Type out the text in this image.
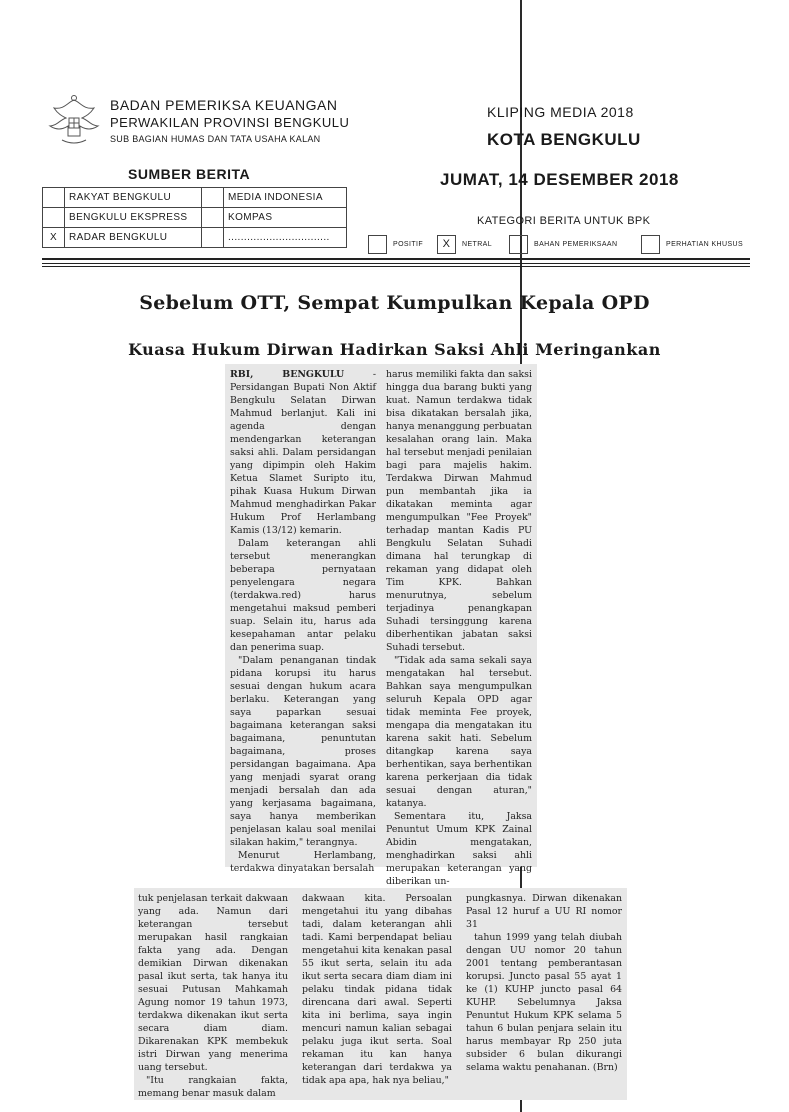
BADAN PEMERIKSA KEUANGAN
PERWAKILAN PROVINSI BENGKULU
SUB BAGIAN HUMAS DAN TATA USAHA KALAN
KLIPING MEDIA 2018
KOTA BENGKULU
JUMAT, 14 DESEMBER 2018
SUMBER BERITA
	RAKYAT BENGKULU		MEDIA INDONESIA
	BENGKULU EKSPRESS		KOMPAS
X	RADAR BENGKULU		................................
KATEGORI BERITA UNTUK BPK
POSITIF	X	NETRAL	BAHAN PEMERIKSAAN	PERHATIAN KHUSUS
Sebelum OTT, Sempat Kumpulkan Kepala OPD
Kuasa Hukum Dirwan Hadirkan Saksi Ahli Meringankan

RBI, BENGKULU - Persidangan Bupati Non Aktif Bengkulu Selatan Dirwan Mahmud berlanjut. Kali ini agenda dengan mendengarkan keterangan saksi ahli. Dalam persidangan yang dipimpin oleh Hakim Ketua Slamet Suripto itu, pihak Kuasa Hukum Dirwan Mahmud menghadirkan Pakar Hukum Prof Herlambang Kamis (13/12) kemarin.

Dalam keterangan ahli tersebut menerangkan beberapa pernyataan penyelengara negara (terdakwa.red) harus mengetahui maksud pemberi suap. Selain itu, harus ada kesepahaman antar pelaku dan penerima suap.

"Dalam penanganan tindak pidana korupsi itu harus sesuai dengan hukum acara berlaku. Keterangan yang saya paparkan sesuai bagaimana keterangan saksi bagaimana, penuntutan bagaimana, proses persidangan bagaimana. Apa yang menjadi syarat orang menjadi bersalah dan ada yang kerjasama bagaimana, saya hanya memberikan penjelasan kalau soal menilai silakan hakim," terangnya.

Menurut Herlambang, terdakwa dinyatakan bersalah

harus memiliki fakta dan saksi hingga dua barang bukti yang kuat. Namun terdakwa tidak bisa dikatakan bersalah jika, hanya menanggung perbuatan kesalahan orang lain. Maka hal tersebut menjadi penilaian bagi para majelis hakim. Terdakwa Dirwan Mahmud pun membantah jika ia dikatakan meminta agar mengumpulkan "Fee Proyek" terhadap mantan Kadis PU Bengkulu Selatan Suhadi dimana hal terungkap di rekaman yang didapat oleh Tim KPK. Bahkan menurutnya, sebelum terjadinya penangkapan Suhadi tersinggung karena diberhentikan jabatan saksi Suhadi tersebut.

"Tidak ada sama sekali saya mengatakan hal tersebut. Bahkan saya mengumpulkan seluruh Kepala OPD agar tidak meminta Fee proyek, mengapa dia mengatakan itu karena sakit hati. Sebelum ditangkap karena saya berhentikan, saya berhentikan karena perkerjaan dia tidak sesuai dengan aturan," katanya.

Sementara itu, Jaksa Penuntut Umum KPK Zainal Abidin mengatakan, menghadirkan saksi ahli merupakan keterangan yang diberikan un-

tuk penjelasan terkait dakwaan yang ada. Namun dari keterangan tersebut merupakan hasil rangkaian fakta yang ada. Dengan demikian Dirwan dikenakan pasal ikut serta, tak hanya itu sesuai Putusan Mahkamah Agung nomor 19 tahun 1973, terdakwa dikenakan ikut serta secara diam diam. Dikarenakan KPK membekuk istri Dirwan yang menerima uang tersebut.

"Itu rangkaian fakta, memang benar masuk dalam

dakwaan kita. Persoalan mengetahui itu yang dibahas tadi, dalam keterangan ahli tadi. Kami berpendapat beliau mengetahui kita kenakan pasal 55 ikut serta, selain itu ada ikut serta secara diam diam ini pelaku tindak pidana tidak direncana dari awal. Seperti kita ini berlima, saya ingin mencuri namun kalian sebagai pelaku juga ikut serta. Soal rekaman itu kan hanya keterangan dari terdakwa ya tidak apa apa, hak nya beliau,"

pungkasnya. Dirwan dikenakan Pasal 12 huruf a UU RI nomor 31

tahun 1999 yang telah diubah dengan UU nomor 20 tahun 2001 tentang pemberantasan korupsi. Juncto pasal 55 ayat 1 ke (1) KUHP juncto pasal 64 KUHP. Sebelumnya Jaksa Penuntut Hukum KPK selama 5 tahun 6 bulan penjara selain itu harus membayar Rp 250 juta subsider 6 bulan dikurangi selama waktu penahanan. (Brn)
